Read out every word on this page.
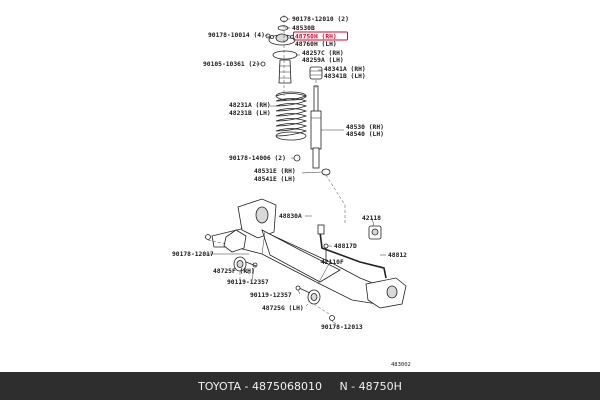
90178-12010 (2)
48530B
90178-10014 (4)	48750H (RH)
48760H (LH)
48257C (RH)
48259A (LH)
90105-10361 (2)
48341A (RH)
48341B (LH)
48231A (RH)
48231B (LH)
48530 (RH)
48540 (LH)
90178-14006 (2)
48531E (RH)
48541E (LH)
48830A	42118
48817D
48812
90178-12017
42110F
48725F (RH)
90119-12357
90119-12357
48725G (LH)
90178-12013
483002
TOYOTA - 4875068010     N - 48750H
